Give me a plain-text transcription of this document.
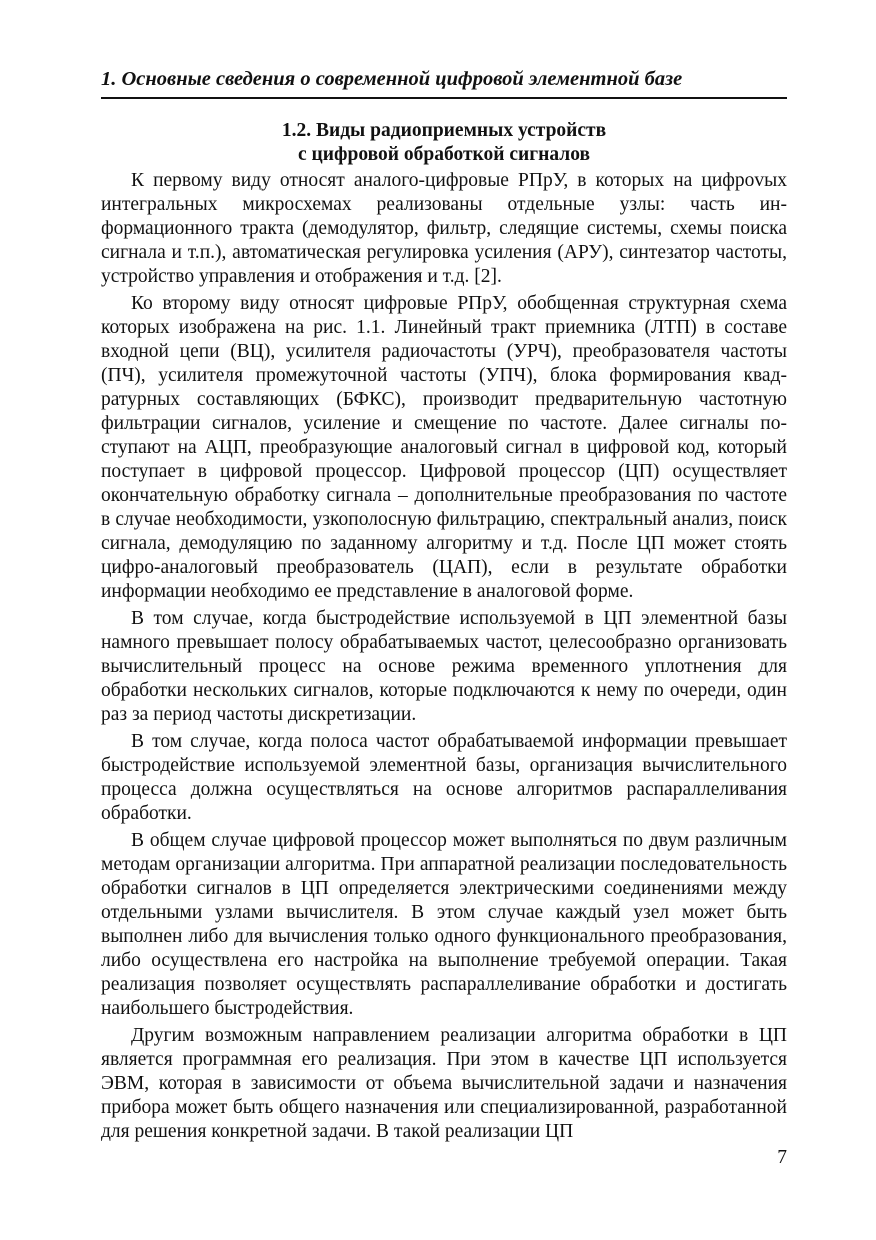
1. Основные сведения о современной цифровой элементной базе
1.2. Виды радиоприемных устройств
с цифровой обработкой сигналов

К первому виду относят аналого-цифровые РПрУ, в которых на цифроvых интегральных микросхемах реализованы отдельные узлы: часть информационного тракта (демодулятор, фильтр, следящие системы, схемы поиска сигнала и т.п.), автоматическая регулировка усиления (АРУ), синтезатор частоты, устройство управления и отображения и т.д. [2].

Ко второму виду относят цифровые РПрУ, обобщенная структурная схема которых изображена на рис. 1.1. Линейный тракт приемника (ЛТП) в составе входной цепи (ВЦ), усилителя радиочастоты (УРЧ), преобразователя частоты (ПЧ), усилителя промежуточной частоты (УПЧ), блока формирования квадратурных составляющих (БФКС), производит предварительную частотную фильтрации сигналов, усиление и смещение по частоте. Далее сигналы поступают на АЦП, преобразующие аналоговый сигнал в цифровой код, который поступает в цифровой процессор. Цифровой процессор (ЦП) осуществляет окончательную обработку сигнала – дополнительные преобразования по частоте в случае необходимости, узкополосную фильтрацию, спектральный анализ, поиск сигнала, демодуляцию по заданному алгоритму и т.д. После ЦП может стоять цифро-аналоговый преобразователь (ЦАП), если в результате обработки информации необходимо ее представление в аналоговой форме.

В том случае, когда быстродействие используемой в ЦП элементной базы намного превышает полосу обрабатываемых частот, целесообразно организовать вычислительный процесс на основе режима временного уплотнения для обработки нескольких сигналов, которые подключаются к нему по очереди, один раз за период частоты дискретизации.

В том случае, когда полоса частот обрабатываемой информации превышает быстродействие используемой элементной базы, организация вычислительного процесса должна осуществляться на основе алгоритмов распараллеливания обработки.

В общем случае цифровой процессор может выполняться по двум различным методам организации алгоритма. При аппаратной реализации последовательность обработки сигналов в ЦП определяется электрическими соединениями между отдельными узлами вычислителя. В этом случае каждый узел может быть выполнен либо для вычисления только одного функционального преобразования, либо осуществлена его настройка на выполнение требуемой операции. Такая реализация позволяет осуществлять распараллеливание обработки и достигать наибольшего быстродействия.

Другим возможным направлением реализации алгоритма обработки в ЦП является программная его реализация. При этом в качестве ЦП используется ЭВМ, которая в зависимости от объема вычислительной задачи и назначения прибора может быть общего назначения или специализированной, разработанной для решения конкретной задачи. В такой реализации ЦП

7
